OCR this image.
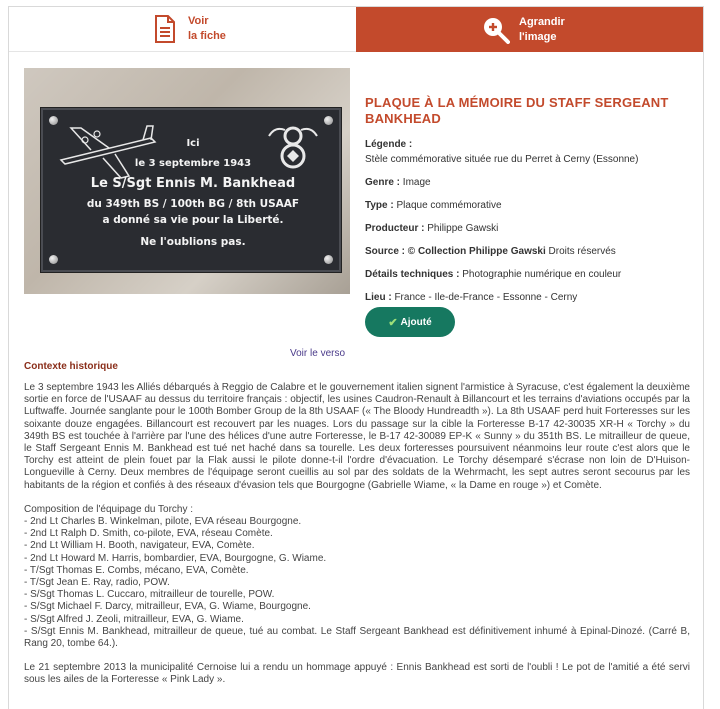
Voir
la fiche
Agrandir
l'image
Ici
le 3 septembre 1943
Le S/Sgt Ennis M. Bankhead
du 349th BS / 100th BG / 8th USAAF
a donné sa vie pour la Liberté.
Ne l'oublions pas.
Voir le verso
PLAQUE À LA MÉMOIRE DU STAFF SERGEANT BANKHEAD
Légende :
Stèle commémorative située rue du Perret à Cerny (Essonne)
Genre : Image
Type : Plaque commémorative
Producteur : Philippe Gawski
Source : © Collection Philippe Gawski Droits réservés
Détails techniques : Photographie numérique en couleur
Lieu : France - Ile-de-France - Essonne - Cerny
✔ Ajouté
Contexte historique

Le 3 septembre 1943 les Alliés débarqués à Reggio de Calabre et le gouvernement italien signent l'armistice à Syracuse, c'est également la deuxième sortie en force de l'USAAF au dessus du territoire français : objectif, les usines Caudron-Renault à Billancourt et les terrains d'aviations occupés par la Luftwaffe. Journée sanglante pour le 100th Bomber Group de la 8th USAAF (« The Bloody Hundreadth »). La 8th USAAF perd huit Forteresses sur les soixante douze engagées. Billancourt est recouvert par les nuages. Lors du passage sur la cible la Forteresse B-17 42-30035 XR-H « Torchy » du 349th BS est touchée à l'arrière par l'une des hélices d'une autre Forteresse, le B-17 42-30089 EP-K « Sunny » du 351th BS. Le mitrailleur de queue, le Staff Sergeant Ennis M. Bankhead est tué net haché dans sa tourelle. Les deux forteresses poursuivent néanmoins leur route c'est alors que le Torchy est atteint de plein fouet par la Flak aussi le pilote donne-t-il l'ordre d'évacuation. Le Torchy désemparé s'écrase non loin de D'Huison-Longueville à Cerny. Deux membres de l'équipage seront cueillis au sol par des soldats de la Wehrmacht, les sept autres seront secourus par les habitants de la région et confiés à des réseaux d'évasion tels que Bourgogne (Gabrielle Wiame, « la Dame en rouge ») et Comète.

Composition de l'équipage du Torchy :
- 2nd Lt Charles B. Winkelman, pilote, EVA réseau Bourgogne.
- 2nd Lt Ralph D. Smith, co-pilote, EVA, réseau Comète.
- 2nd Lt William H. Booth, navigateur, EVA, Comète.
- 2nd Lt Howard M. Harris, bombardier, EVA, Bourgogne, G. Wiame.
- T/Sgt Thomas E. Combs, mécano, EVA, Comète.
- T/Sgt Jean E. Ray, radio, POW.
- S/Sgt Thomas L. Cuccaro, mitrailleur de tourelle, POW.
- S/Sgt Michael F. Darcy, mitrailleur, EVA, G. Wiame, Bourgogne.
- S/Sgt Alfred J. Zeoli, mitrailleur, EVA, G. Wiame.
- S/Sgt Ennis M. Bankhead, mitrailleur de queue, tué au combat. Le Staff Sergeant Bankhead est définitivement inhumé à Epinal-Dinozé. (Carré B, Rang 20, tombe 64.).

Le 21 septembre 2013 la municipalité Cernoise lui a rendu un hommage appuyé : Ennis Bankhead est sorti de l'oubli ! Le pot de l'amitié a été servi sous les ailes de la Forteresse « Pink Lady ».
